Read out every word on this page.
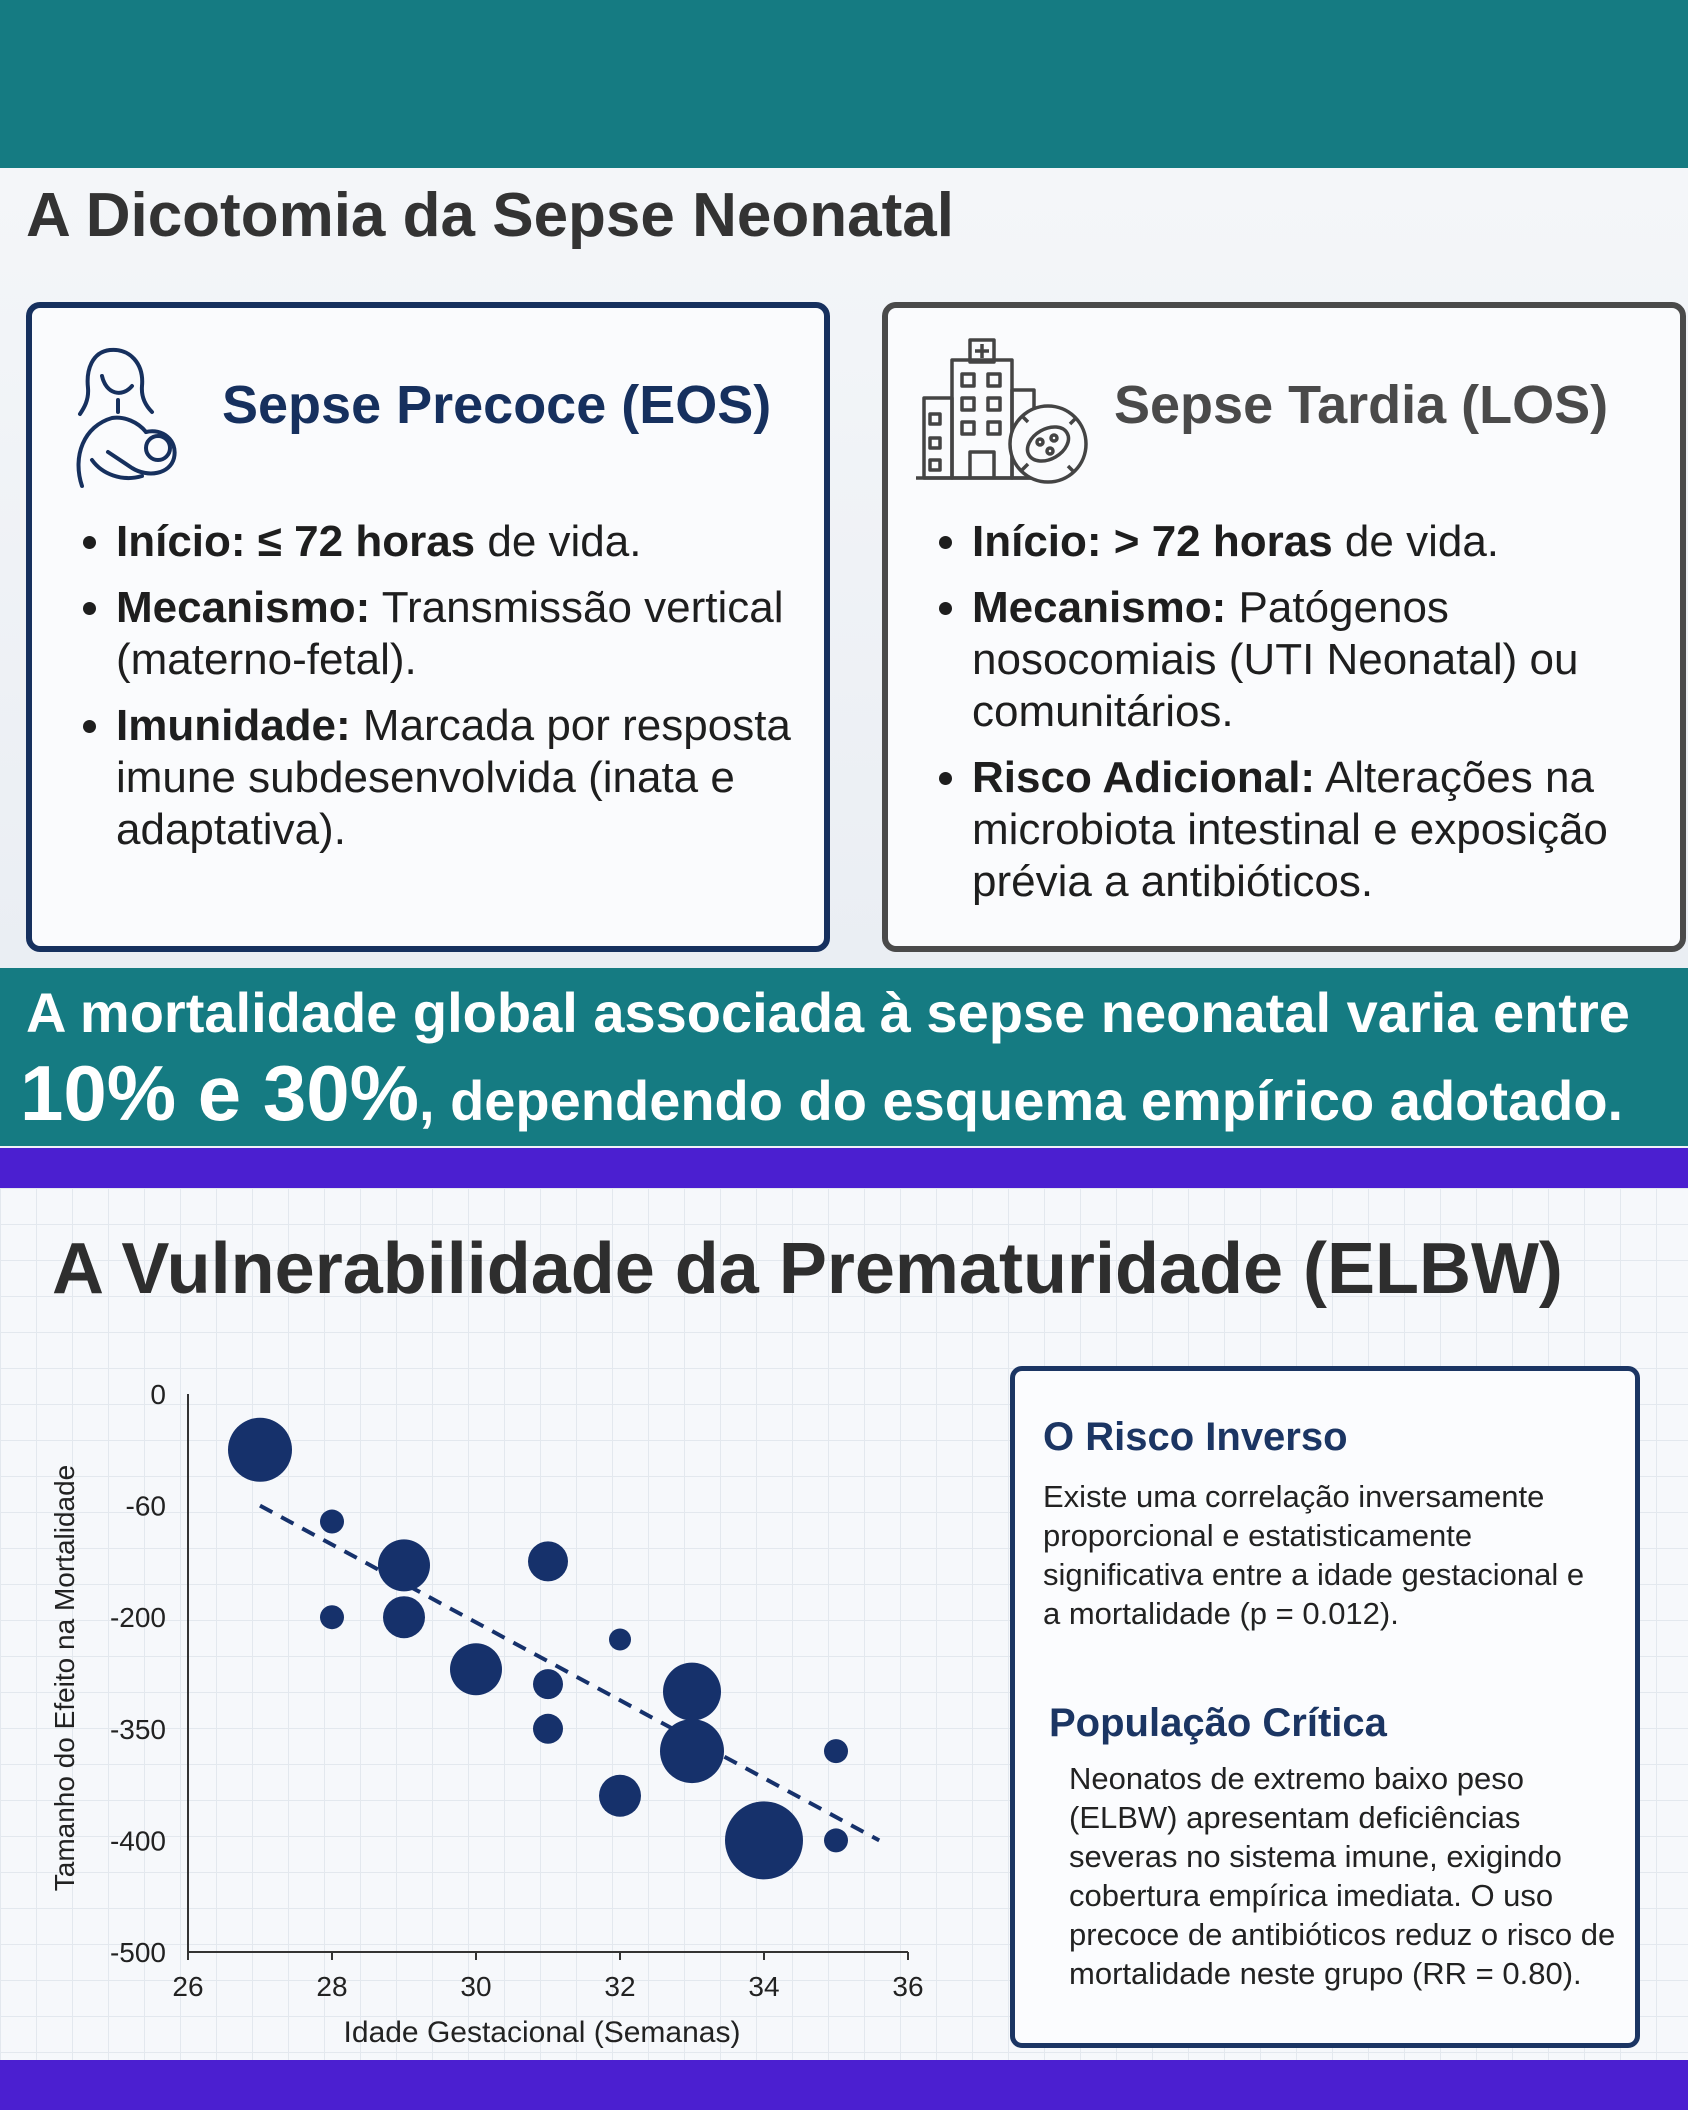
A Dicotomia da Sepse Neonatal
Sepse Precoce (EOS)
• Início: ≤ 72 horas de vida.
• Mecanismo: Transmissão vertical (materno-fetal).
• Imunidade: Marcada por resposta imune subdesenvolvida (inata e adaptativa).
Sepse Tardia (LOS)
• Início: > 72 horas de vida.
• Mecanismo: Patógenos nosocomiais (UTI Neonatal) ou comunitários.
• Risco Adicional: Alterações na microbiota intestinal e exposição prévia a antibióticos.
A mortalidade global associada à sepse neonatal varia entre
10% e 30%, dependendo do esquema empírico adotado.
A Vulnerabilidade da Prematuridade (ELBW)
26	28	30	32	34	36
0
-60
-200
-350
-400
-500
Tamanho do Efeito na Mortalidade
Idade Gestacional (Semanas)
O Risco Inverso

Existe uma correlação inversamente proporcional e estatisticamente significativa entre a idade gestacional e a mortalidade (p = 0.012).

População Crítica

Neonatos de extremo baixo peso (ELBW) apresentam deficiências severas no sistema imune, exigindo cobertura empírica imediata. O uso precoce de antibióticos reduz o risco de mortalidade neste grupo (RR = 0.80).
